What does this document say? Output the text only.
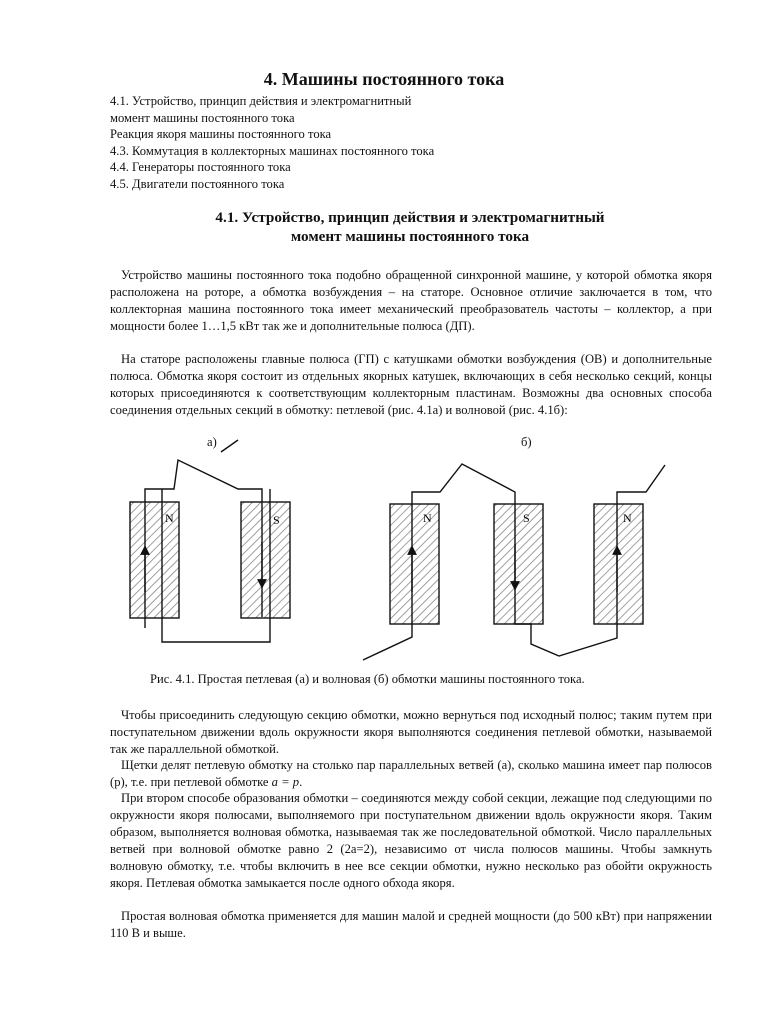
4. Машины постоянного тока
4.1. Устройство, принцип действия и электромагнитный
момент машины постоянного тока
Реакция якоря машины постоянного тока
4.3. Коммутация в коллекторных машинах постоянного тока
4.4. Генераторы постоянного тока
4.5. Двигатели постоянного тока
4.1. Устройство, принцип действия и электромагнитный
момент машины постоянного тока

Устройство машины постоянного тока подобно обращенной синхронной машине, у которой обмотка якоря расположена на роторе, а обмотка возбуждения – на статоре. Основное отличие заключается в том, что коллекторная машина постоянного тока имеет механический преобразователь частоты – коллектор, а при мощности более 1…1,5 кВт так же и дополнительные полюса (ДП).

На статоре расположены главные полюса (ГП) с катушками обмотки возбуждения (ОВ) и дополнительные полюса. Обмотка якоря состоит из отдельных якорных катушек, включающих в себя несколько секций, концы которых присоединяются к соответствующим коллекторным пластинам. Возможны два основных способа соединения отдельных секций в обмотку: петлевой (рис. 4.1а) и волновой (рис. 4.1б):

а)	б)
N	S	N	S	N

Рис. 4.1. Простая петлевая (а) и волновая (б) обмотки машины постоянного тока.

Чтобы присоединить следующую секцию обмотки, можно вернуться под исходный полюс; таким путем при поступательном движении вдоль окружности якоря выполняются соединения петлевой обмотки, называемой так же параллельной обмоткой.

Щетки делят петлевую обмотку на столько пар параллельных ветвей (a), сколько машина имеет пар полюсов (p), т.е. при петлевой обмотке a = p.

При втором способе образования обмотки – соединяются между собой секции, лежащие под следующими по окружности якоря полюсами, выполняемого при поступательном движении вдоль окружности якоря. Таким образом, выполняется волновая обмотка, называемая так же последовательной обмоткой. Число параллельных ветвей при волновой обмотке равно 2 (2a=2), независимо от числа полюсов машины. Чтобы замкнуть волновую обмотку, т.е. чтобы включить в нее все секции обмотки, нужно несколько раз обойти окружность якоря. Петлевая обмотка замыкается после одного обхода якоря.

Простая волновая обмотка применяется для машин малой и средней мощности (до 500 кВт) при напряжении 110 В и выше.
